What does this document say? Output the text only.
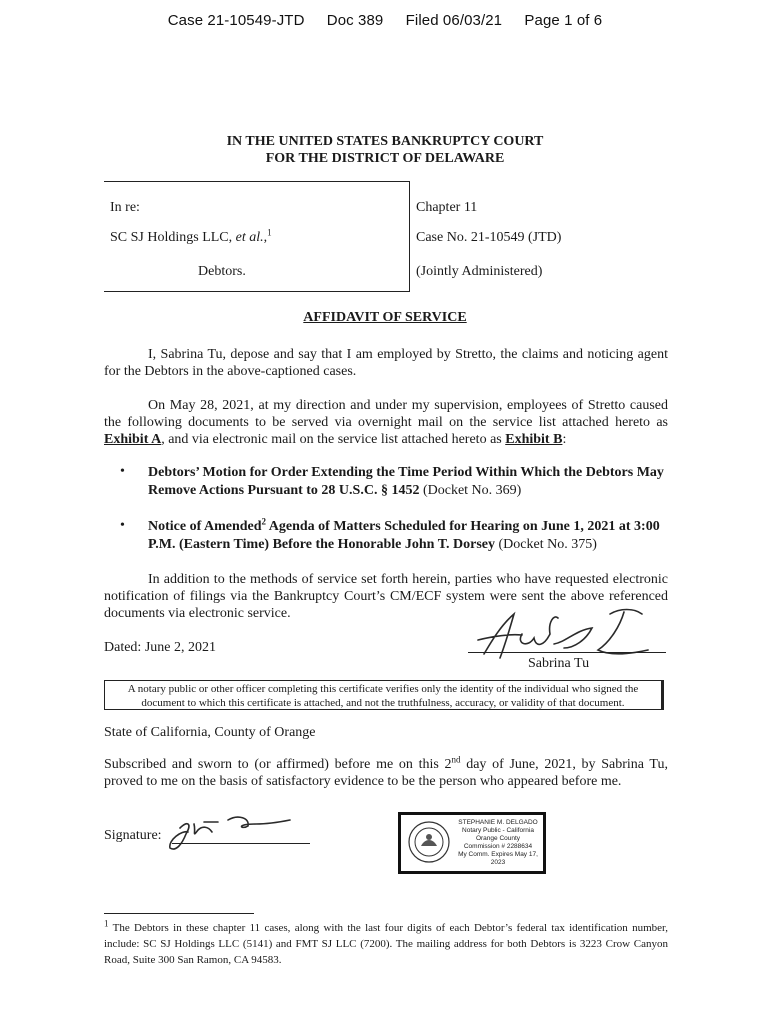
Case 21-10549-JTD Doc 389 Filed 06/03/21 Page 1 of 6
IN THE UNITED STATES BANKRUPTCY COURT
FOR THE DISTRICT OF DELAWARE
In re:
SC SJ Holdings LLC, et al.,$^1$
Debtors.
Chapter 11
Case No. 21-10549 (JTD)
(Jointly Administered)
AFFIDAVIT OF SERVICE
I, Sabrina Tu, depose and say that I am employed by Stretto, the claims and noticing agent for the Debtors in the above-captioned cases.
On May 28, 2021, at my direction and under my supervision, employees of Stretto caused the following documents to be served via overnight mail on the service list attached hereto as Exhibit A, and via electronic mail on the service list attached hereto as Exhibit B:
• Debtors’ Motion for Order Extending the Time Period Within Which the Debtors May Remove Actions Pursuant to 28 U.S.C. § 1452 (Docket No. 369)
• Notice of Amended$^2$ Agenda of Matters Scheduled for Hearing on June 1, 2021 at 3:00 P.M. (Eastern Time) Before the Honorable John T. Dorsey (Docket No. 375)
In addition to the methods of service set forth herein, parties who have requested electronic notification of filings via the Bankruptcy Court’s CM/ECF system were sent the above referenced documents via electronic service.
Dated: June 2, 2021
Sabrina Tu
A notary public or other officer completing this certificate verifies only the identity of the individual who signed the document to which this certificate is attached, and not the truthfulness, accuracy, or validity of that document.
State of California, County of Orange
Subscribed and sworn to (or affirmed) before me on this 2nd day of June, 2021, by Sabrina Tu, proved to me on the basis of satisfactory evidence to be the person who appeared before me.
Signature:
STEPHANIE M. DELGADO
Notary Public - California
Orange County
Commission # 2288634
My Comm. Expires May 17, 2023
$^1$ The Debtors in these chapter 11 cases, along with the last four digits of each Debtor’s federal tax identification number, include: SC SJ Holdings LLC (5141) and FMT SJ LLC (7200). The mailing address for both Debtors is 3223 Crow Canyon Road, Suite 300 San Ramon, CA 94583.
